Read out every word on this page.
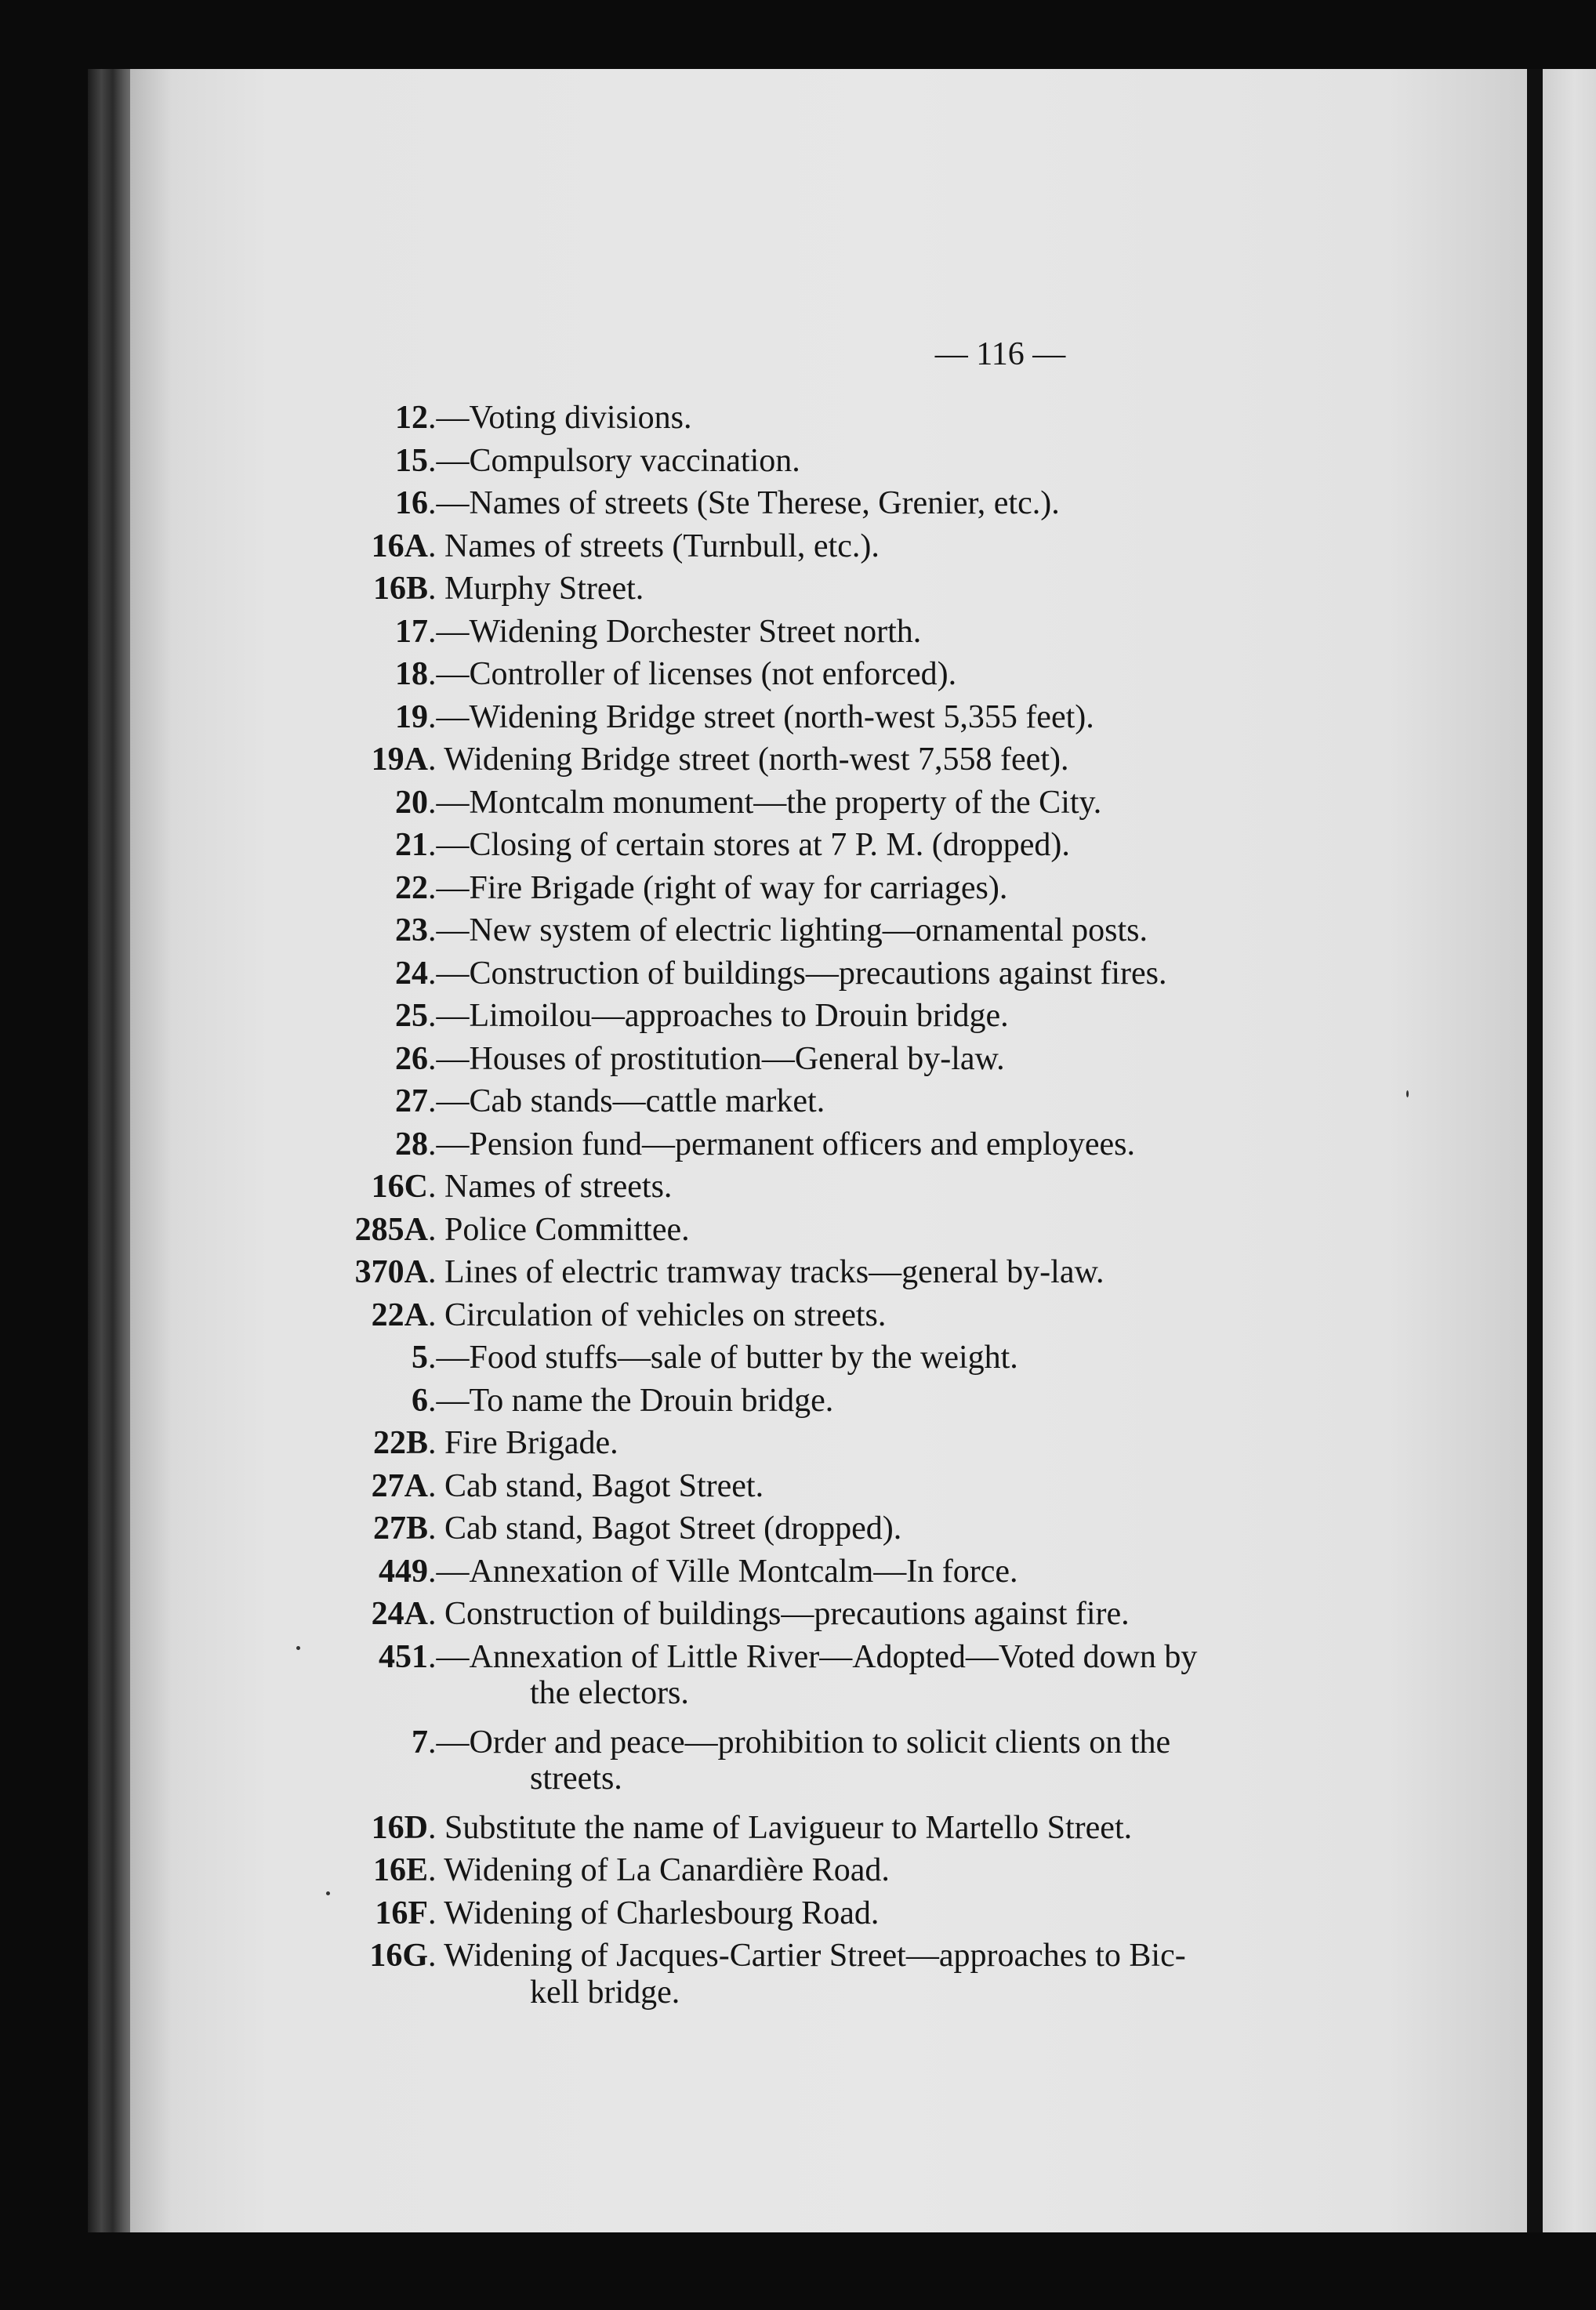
— 116 —
12.—Voting divisions.
15.—Compulsory vaccination.
16.—Names of streets (Ste Therese, Grenier, etc.).
16A. Names of streets (Turnbull, etc.).
16B. Murphy Street.
17.—Widening Dorchester Street north.
18.—Controller of licenses (not enforced).
19.—Widening Bridge street (north-west 5,355 feet).
19A. Widening Bridge street (north-west 7,558 feet).
20.—Montcalm monument—the property of the City.
21.—Closing of certain stores at 7 P. M. (dropped).
22.—Fire Brigade (right of way for carriages).
23.—New system of electric lighting—ornamental posts.
24.—Construction of buildings—precautions against fires.
25.—Limoilou—approaches to Drouin bridge.
26.—Houses of prostitution—General by-law.
27.—Cab stands—cattle market.
28.—Pension fund—permanent officers and employees.
16C. Names of streets.
285A. Police Committee.
370A. Lines of electric tramway tracks—general by-law.
22A. Circulation of vehicles on streets.
5.—Food stuffs—sale of butter by the weight.
6.—To name the Drouin bridge.
22B. Fire Brigade.
27A. Cab stand, Bagot Street.
27B. Cab stand, Bagot Street (dropped).
449.—Annexation of Ville Montcalm—In force.
24A. Construction of buildings—precautions against fire.
451.—Annexation of Little River—Adopted—Voted down by
the electors.
7.—Order and peace—prohibition to solicit clients on the
streets.
16D. Substitute the name of Lavigueur to Martello Street.
16E. Widening of La Canardière Road.
16F. Widening of Charlesbourg Road.
16G. Widening of Jacques-Cartier Street—approaches to Bic-
kell bridge.
